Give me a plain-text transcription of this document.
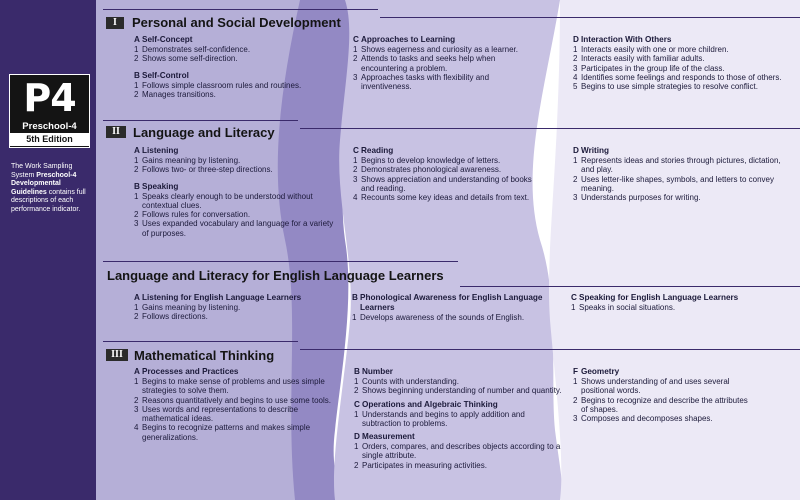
P4
Preschool-4
5th Edition
The Work Sampling System Preschool-4 Developmental Guidelines contains full descriptions of each performance indicator.
I	Personal and Social Development
A Self-Concept
1 Demonstrates self-confidence.
2 Shows some self-direction.
B Self-Control
1 Follows simple classroom rules and routines.
2 Manages transitions.
C Approaches to Learning
1 Shows eagerness and curiosity as a learner.
2 Attends to tasks and seeks help when encountering a problem.
3 Approaches tasks with flexibility and inventiveness.
D Interaction With Others
1 Interacts easily with one or more children.
2 Interacts easily with familiar adults.
3 Participates in the group life of the class.
4 Identifies some feelings and responds to those of others.
5 Begins to use simple strategies to resolve conflict.
II	Language and Literacy
A Listening
1 Gains meaning by listening.
2 Follows two- or three-step directions.
B Speaking
1 Speaks clearly enough to be understood without contextual clues.
2 Follows rules for conversation.
3 Uses expanded vocabulary and language for a variety of purposes.
C Reading
1 Begins to develop knowledge of letters.
2 Demonstrates phonological awareness.
3 Shows appreciation and understanding of books and reading.
4 Recounts some key ideas and details from text.
D Writing
1 Represents ideas and stories through pictures, dictation, and play.
2 Uses letter-like shapes, symbols, and letters to convey meaning.
3 Understands purposes for writing.
Language and Literacy for English Language Learners
A Listening for English Language Learners
1 Gains meaning by listening.
2 Follows directions.
B Phonological Awareness for English Language Learners
1 Develops awareness of the sounds of English.
C Speaking for English Language Learners
1 Speaks in social situations.
III Mathematical Thinking
A Processes and Practices
1 Begins to make sense of problems and uses simple strategies to solve them.
2 Reasons quantitatively and begins to use some tools.
3 Uses words and representations to describe mathematical ideas.
4 Begins to recognize patterns and makes simple generalizations.
B Number
1 Counts with understanding.
2 Shows beginning understanding of number and quantity.
C Operations and Algebraic Thinking
1 Understands and begins to apply addition and subtraction to problems.
D Measurement
1 Orders, compares, and describes objects according to a single attribute.
2 Participates in measuring activities.
F Geometry
1 Shows understanding of and uses several positional words.
2 Begins to recognize and describe the attributes of shapes.
3 Composes and decomposes shapes.
